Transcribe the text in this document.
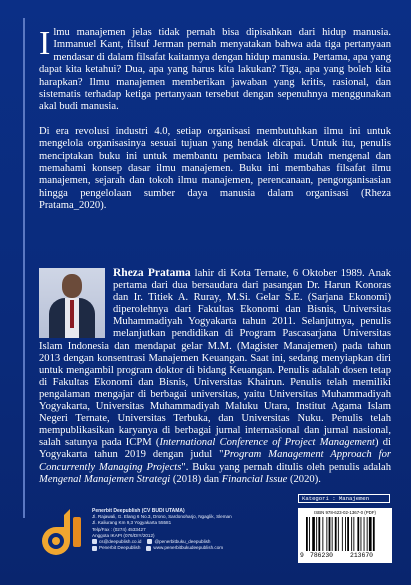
Ilmu manajemen jelas tidak pernah bisa dipisahkan dari hidup manusia. Immanuel Kant, filsuf Jerman pernah menyatakan bahwa ada tiga pertanyaan mendasar di dalam filsafat kaitannya dengan hidup manusia. Pertama, apa yang dapat kita ketahui? Dua, apa yang harus kita lakukan? Tiga, apa yang boleh kita harapkan? Ilmu manajemen memberikan jawaban yang kritis, rasional, dan sistematis terhadap ketiga pertanyaan tersebut dengan sepenuhnya menggunakan akal budi manusia.

Di era revolusi industri 4.0, setiap organisasi membutuhkan ilmu ini untuk mengelola organisasinya sesuai tujuan yang hendak dicapai. Untuk itu, penulis menciptakan buku ini untuk membantu pembaca lebih mudah mengenal dan memahami konsep dasar ilmu manajemen. Buku ini membahas filsafat ilmu manajemen, sejarah dan tokoh ilmu manajemen, perencanaan, pengorganisasian hingga pengelolaan sumber daya manusia dalam organisasi (Rheza Pratama_2020).

Rheza Pratama lahir di Kota Ternate, 6 Oktober 1989. Anak pertama dari dua bersaudara dari pasangan Dr. Harun Konoras dan Ir. Titiek A. Ruray, M.Si. Gelar S.E. (Sarjana Ekonomi) diperolehnya dari Fakultas Ekonomi dan Bisnis, Universitas Muhammadiyah Yogyakarta tahun 2011. Selanjutnya, penulis melanjutkan pendidikan di Program Pascasarjana Universitas Islam Indonesia dan mendapat gelar M.M. (Magister Manajemen) pada tahun 2013 dengan konsentrasi Manajemen Keuangan. Saat ini, sedang menyiapkan diri untuk mengambil program doktor di bidang Keuangan. Penulis adalah dosen tetap di Fakultas Ekonomi dan Bisnis, Universitas Khairun. Penulis telah memiliki pengalaman mengajar di berbagai universitas, yaitu Universitas Muhammadiyah Yogyakarta, Universitas Muhammadiyah Maluku Utara, Institut Agama Islam Negeri Ternate, Universitas Terbuka, dan Universitas Nuku. Penulis telah mempublikasikan karyanya di berbagai jurnal internasional dan jurnal nasional, salah satunya pada ICPM (International Conference of Project Management) di Yogyakarta tahun 2019 dengan judul "Program Management Approach for Concurrently Managing Projects". Buku yang pernah ditulis oleh penulis adalah Mengenal Manajemen Strategi (2018) dan Financial Issue (2020).
Penerbit Deepublish (CV BUDI UTAMA)
Jl. Rajawali, G. Elang 6 No.3, Drono, Sardonoharjo, Ngaglik, Sleman
Jl. Kaliurang Km 9,3 Yogyakarta 55581
Telp/Fax : (0274) 4533427
Anggota IKAPI (076/DIY/2012)
cs@deepublish.co.id	@penerbitbuku_deepublish
Penerbit Deepublish	www.penerbitbukudeepublish.com
Kategori : Manajemen
ISBN 978-623-02-1367-0 (PDF)
9 786230	213670
